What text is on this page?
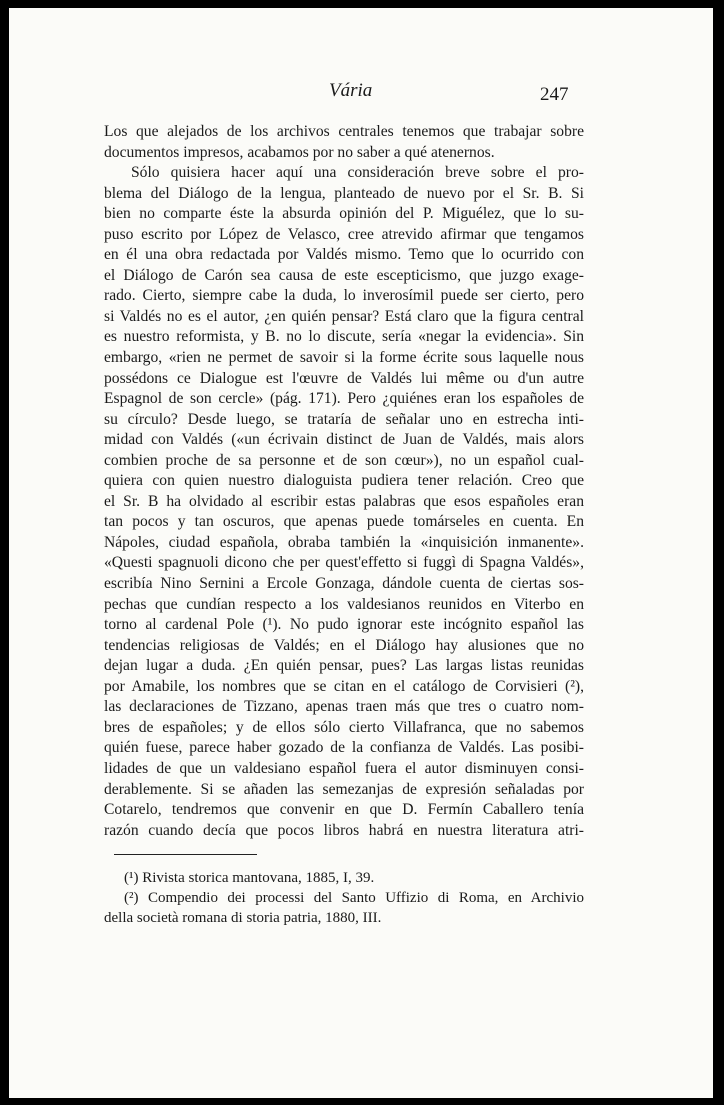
Vária	247
Los que alejados de los archivos centrales tenemos que trabajar sobre
documentos impresos, acabamos por no saber a qué atenernos.
Sólo quisiera hacer aquí una consideración breve sobre el pro-
blema del Diálogo de la lengua, planteado de nuevo por el Sr. B. Si
bien no comparte éste la absurda opinión del P. Miguélez, que lo su-
puso escrito por López de Velasco, cree atrevido afirmar que tengamos
en él una obra redactada por Valdés mismo. Temo que lo ocurrido con
el Diálogo de Carón sea causa de este escepticismo, que juzgo exage-
rado. Cierto, siempre cabe la duda, lo inverosímil puede ser cierto, pero
si Valdés no es el autor, ¿en quién pensar? Está claro que la figura central
es nuestro reformista, y B. no lo discute, sería «negar la evidencia». Sin
embargo, «rien ne permet de savoir si la forme écrite sous laquelle nous
possédons ce Dialogue est l'œuvre de Valdés lui même ou d'un autre
Espagnol de son cercle» (pág. 171). Pero ¿quiénes eran los españoles de
su círculo? Desde luego, se trataría de señalar uno en estrecha inti-
midad con Valdés («un écrivain distinct de Juan de Valdés, mais alors
combien proche de sa personne et de son cœur»), no un español cual-
quiera con quien nuestro dialoguista pudiera tener relación. Creo que
el Sr. B ha olvidado al escribir estas palabras que esos españoles eran
tan pocos y tan oscuros, que apenas puede tomárseles en cuenta. En
Nápoles, ciudad española, obraba también la «inquisición inmanente».
«Questi spagnuoli dicono che per quest'effetto si fuggì di Spagna Valdés»,
escribía Nino Sernini a Ercole Gonzaga, dándole cuenta de ciertas sos-
pechas que cundían respecto a los valdesianos reunidos en Viterbo en
torno al cardenal Pole (¹). No pudo ignorar este incógnito español las
tendencias religiosas de Valdés; en el Diálogo hay alusiones que no
dejan lugar a duda. ¿En quién pensar, pues? Las largas listas reunidas
por Amabile, los nombres que se citan en el catálogo de Corvisieri (²),
las declaraciones de Tizzano, apenas traen más que tres o cuatro nom-
bres de españoles; y de ellos sólo cierto Villafranca, que no sabemos
quién fuese, parece haber gozado de la confianza de Valdés. Las posibi-
lidades de que un valdesiano español fuera el autor disminuyen consi-
derablemente. Si se añaden las semezanjas de expresión señaladas por
Cotarelo, tendremos que convenir en que D. Fermín Caballero tenía
razón cuando decía que pocos libros habrá en nuestra literatura atri-
(¹) Rivista storica mantovana, 1885, I, 39.
(²) Compendio dei processi del Santo Uffizio di Roma, en Archivio
della società romana di storia patria, 1880, III.
